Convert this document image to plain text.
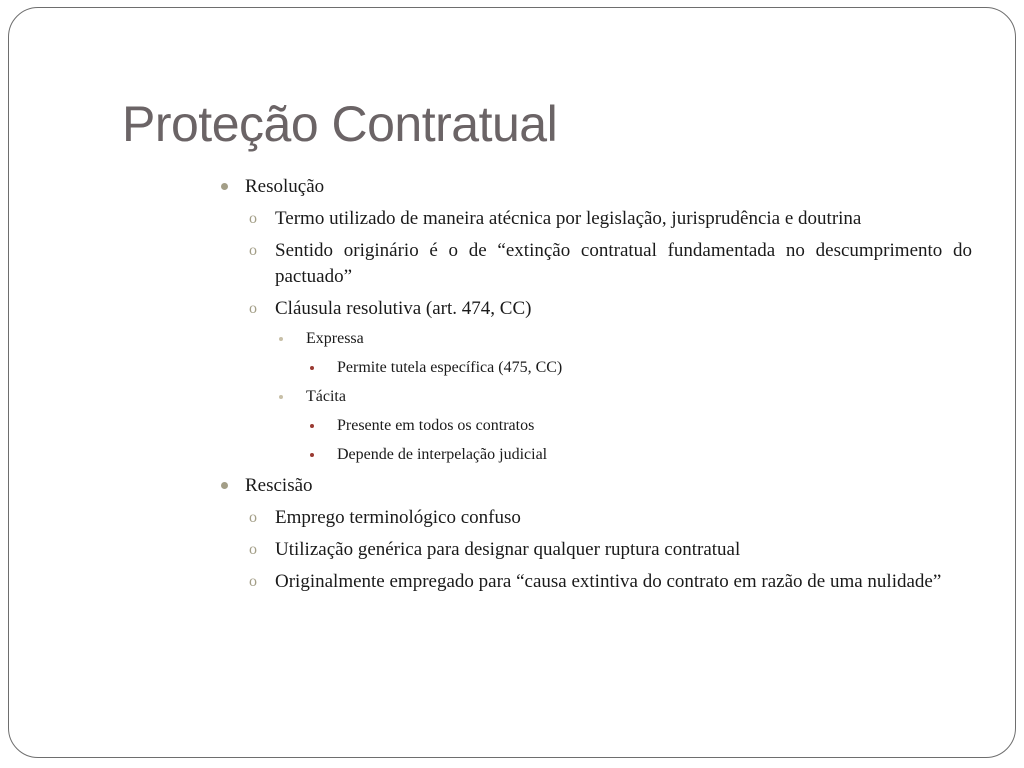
Proteção Contratual
Resolução
o Termo utilizado de maneira atécnica por legislação, jurisprudência e doutrina
o Sentido originário é o de “extinção contratual fundamentada no descumprimento do pactuado”
o Cláusula resolutiva (art. 474, CC)
Expressa
Permite tutela específica (475, CC)
Tácita
Presente em todos os contratos
Depende de interpelação judicial
Rescisão
o Emprego terminológico confuso
o Utilização genérica para designar qualquer ruptura contratual
o Originalmente empregado para “causa extintiva do contrato em razão de uma nulidade”
